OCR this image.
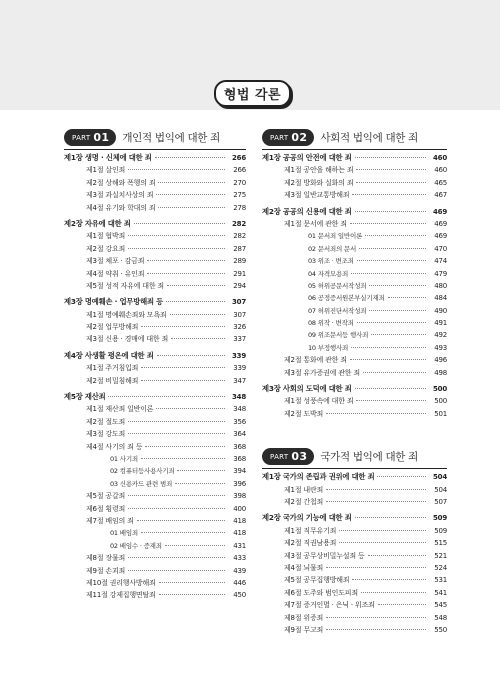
형법 각론
PART 01 개인적 법익에 대한 죄
제1장 생명 · 신체에 대한 죄	266
제1절 살인죄	266
제2절 상해와 폭행의 죄	270
제3절 과실치사상의 죄	275
제4절 유기와 학대의 죄	278
제2장 자유에 대한 죄	282
제1절 협박죄	282
제2절 강요죄	287
제3절 체포 · 감금죄	289
제4절 약취 · 유인죄	291
제5절 성적 자유에 대한 죄	294
제3장 명예훼손 · 업무방해죄 등	307
제1절 명예훼손죄와 모욕죄	307
제2절 업무방해죄	326
제3절 신용 · 경매에 대한 죄	337
제4장 사생활 평온에 대한 죄	339
제1절 주거침입죄	339
제2절 비밀침해죄	347
제5장 재산죄	348
제1절 재산죄 일반이론	348
제2절 절도죄	356
제3절 강도죄	364
제4절 사기의 죄 등	368
01 사기죄	368
02 컴퓨터등사용사기죄	394
03 신용카드 관련 범죄	396
제5절 공갈죄	398
제6절 횡령죄	400
제7절 배임의 죄	418
01 배임죄	418
02 배임수 · 증재죄	431
제8절 장물죄	433
제9절 손괴죄	439
제10절 권리행사방해죄	446
제11절 강제집행면탈죄	450
PART 02 사회적 법익에 대한 죄
제1장 공공의 안전에 대한 죄	460
제1절 공안을 해하는 죄	460
제2절 방화와 실화의 죄	465
제3절 일반교통방해죄	467
제2장 공공의 신용에 대한 죄	469
제1절 문서에 관한 죄	469
01 문서죄 일반이론	469
02 문서죄의 문서	470
03 위조 · 변조죄	474
04 자격모용죄	479
05 허위공문서작성죄	480
06 공정증서원본부실기재죄	484
07 허위진단서작성죄	490
08 위작 · 변작죄	491
09 위조문서등 행사죄	492
10 부정행사죄	493
제2절 통화에 관한 죄	496
제3절 유가증권에 관한 죄	498
제3장 사회의 도덕에 대한 죄	500
제1절 성풍속에 대한 죄	500
제2절 도박죄	501
PART 03 국가적 법익에 대한 죄
제1장 국가의 존립과 권위에 대한 죄	504
제1절 내란죄	504
제2절 간첩죄	507
제2장 국가의 기능에 대한 죄	509
제1절 직무유기죄	509
제2절 직권남용죄	515
제3절 공무상비밀누설죄 등	521
제4절 뇌물죄	524
제5절 공무집행방해죄	531
제6절 도주와 범인도피죄	541
제7절 증거인멸 · 은닉 · 위조죄	545
제8절 위증죄	548
제9절 무고죄	550
